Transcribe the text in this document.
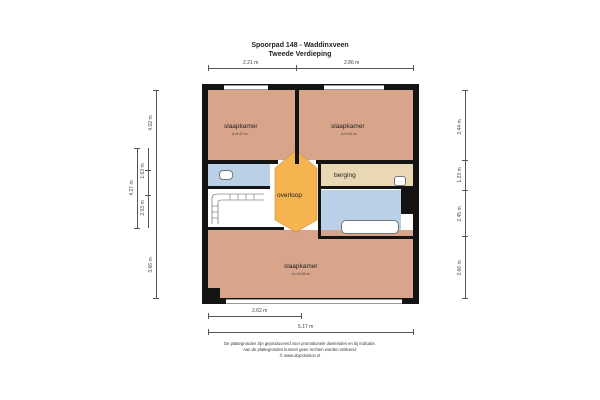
Spoorpad 148 - Waddinxveen
Tweede Verdieping
2.21 m	2.86 m
2.62 m
5.17 m
4.02 m
3.66 m
4.27 m
1.63 m
2.03 m
3.44 m
1.23 m
2.45 m
3.66 m
slaapkamer
A=9.42 m²
slaapkamer
A=9.93 m²
berging
overloop
slaapkamer
A=16.38 m²
De plattegronden zijn geproduceerd voor promotionele doeleinden en bij indicatie.
Aan de plattegronden kunnen geen rechten worden ontleend.
© www.objectvision.nl
